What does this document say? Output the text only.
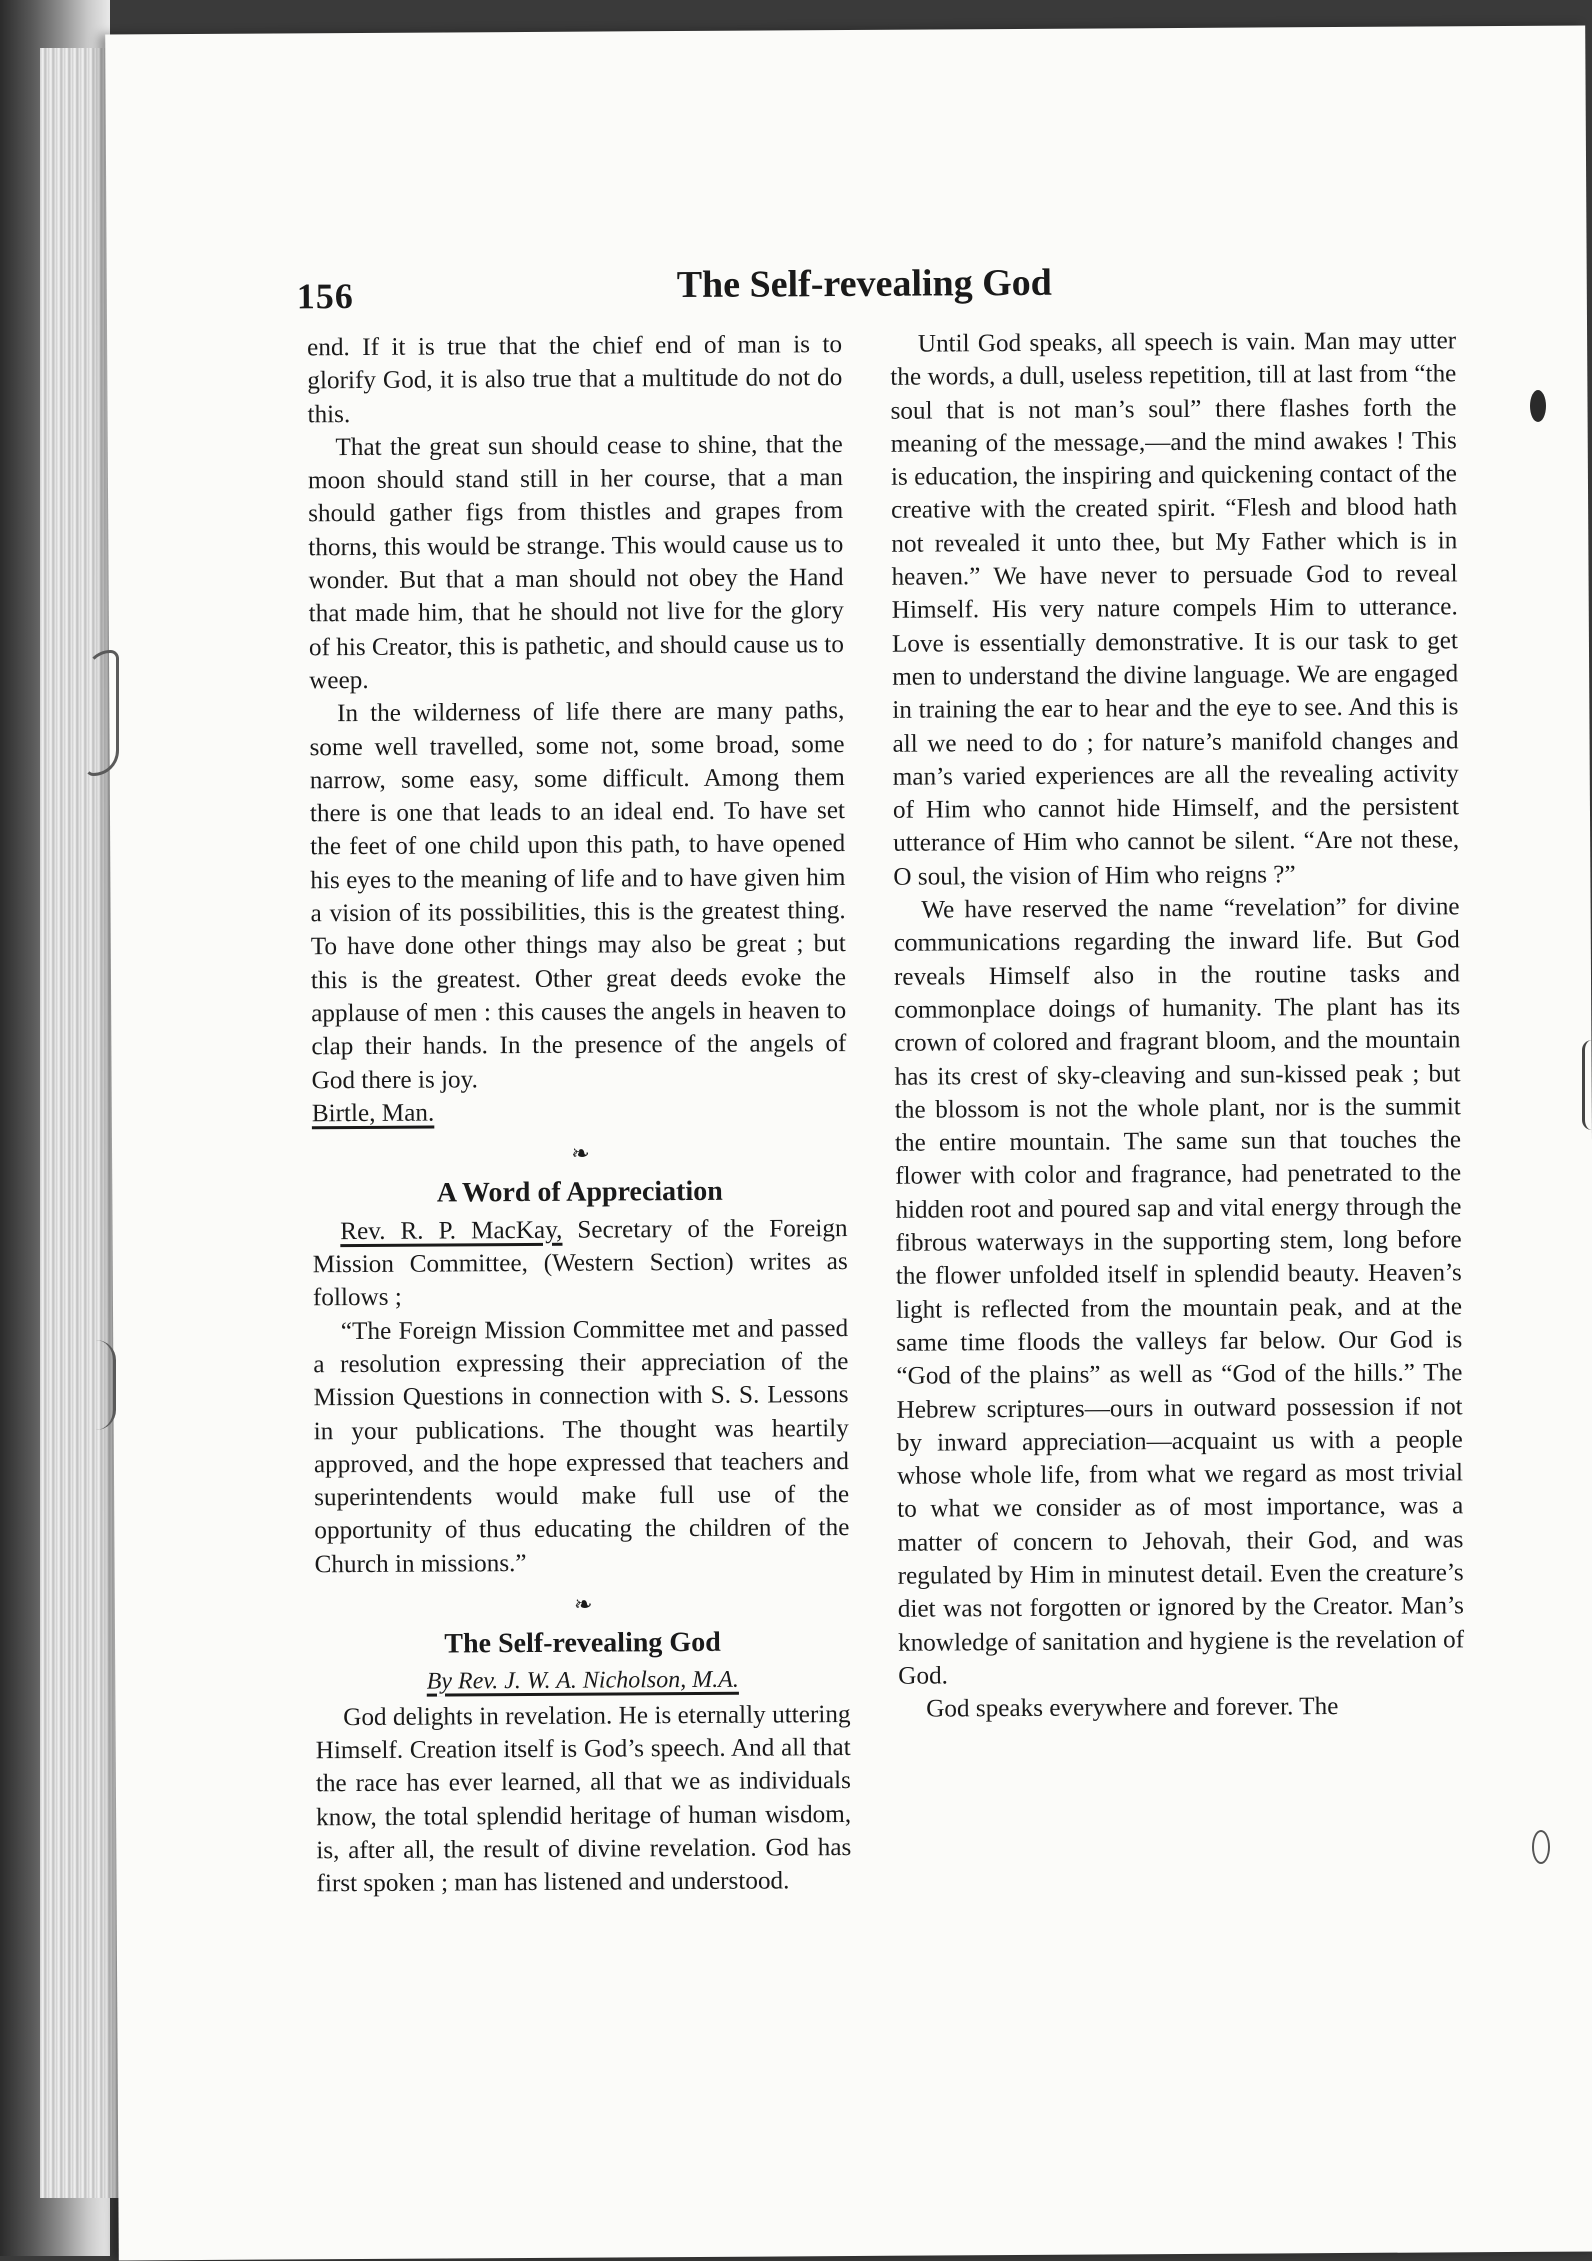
156	The Self-revealing God

end. If it is true that the chief end of man is to glorify God, it is also true that a multitude do not do this.

That the great sun should cease to shine, that the moon should stand still in her course, that a man should gather figs from thistles and grapes from thorns, this would be strange. This would cause us to wonder. But that a man should not obey the Hand that made him, that he should not live for the glory of his Creator, this is pathetic, and should cause us to weep.

In the wilderness of life there are many paths, some well travelled, some not, some broad, some narrow, some easy, some difficult. Among them there is one that leads to an ideal end. To have set the feet of one child upon this path, to have opened his eyes to the meaning of life and to have given him a vision of its possibilities, this is the greatest thing. To have done other things may also be great ; but this is the greatest. Other great deeds evoke the applause of men : this causes the angels in heaven to clap their hands. In the presence of the angels of God there is joy.

Birtle, Man.

❧
A Word of Appreciation

Rev. R. P. MacKay, Secretary of the Foreign Mission Committee, (Western Section) writes as follows ;

“The Foreign Mission Committee met and passed a resolution expressing their appreciation of the Mission Questions in connection with S. S. Lessons in your publications. The thought was heartily approved, and the hope expressed that teachers and superintendents would make full use of the opportunity of thus educating the children of the Church in missions.”

❧
The Self-revealing God
By Rev. J. W. A. Nicholson, M.A.

God delights in revelation. He is eternally uttering Himself. Creation itself is God’s speech. And all that the race has ever learned, all that we as individuals know, the total splendid heritage of human wisdom, is, after all, the result of divine revelation. God has first spoken ; man has listened and understood.

Until God speaks, all speech is vain. Man may utter the words, a dull, useless repetition, till at last from “the soul that is not man’s soul” there flashes forth the meaning of the message,—and the mind awakes ! This is education, the inspiring and quickening contact of the creative with the created spirit. “Flesh and blood hath not revealed it unto thee, but My Father which is in heaven.” We have never to persuade God to reveal Himself. His very nature compels Him to utterance. Love is essentially demonstrative. It is our task to get men to understand the divine language. We are engaged in training the ear to hear and the eye to see. And this is all we need to do ; for nature’s manifold changes and man’s varied experiences are all the revealing activity of Him who cannot hide Himself, and the persistent utterance of Him who cannot be silent. “Are not these, O soul, the vision of Him who reigns ?”

We have reserved the name “revelation” for divine communications regarding the inward life. But God reveals Himself also in the routine tasks and commonplace doings of humanity. The plant has its crown of colored and fragrant bloom, and the mountain has its crest of sky-cleaving and sun-kissed peak ; but the blossom is not the whole plant, nor is the summit the entire mountain. The same sun that touches the flower with color and fragrance, had penetrated to the hidden root and poured sap and vital energy through the fibrous waterways in the supporting stem, long before the flower unfolded itself in splendid beauty. Heaven’s light is reflected from the mountain peak, and at the same time floods the valleys far below. Our God is “God of the plains” as well as “God of the hills.” The Hebrew scriptures—ours in outward possession if not by inward appreciation—acquaint us with a people whose whole life, from what we regard as most trivial to what we consider as of most importance, was a matter of concern to Jehovah, their God, and was regulated by Him in minutest detail. Even the creature’s diet was not forgotten or ignored by the Creator. Man’s knowledge of sanitation and hygiene is the revelation of God.

God speaks everywhere and forever. The
